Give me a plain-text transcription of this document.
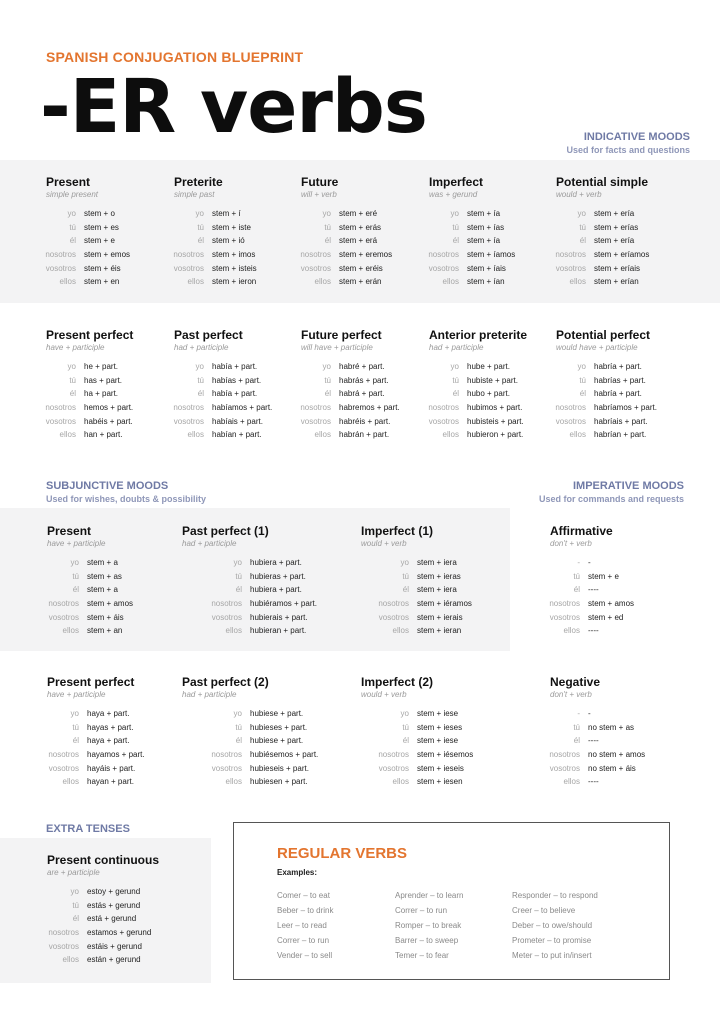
SPANISH CONJUGATION BLUEPRINT
-ER verbs	INDICATIVE MOODS
Used for facts and questions
Present
simple present
yo stem + o
tú stem + es
él stem + e
nosotros stem + emos
vosotros stem + éis
ellos stem + en
Preterite
simple past
yo stem + í
tú stem + iste
él stem + ió
nosotros stem + imos
vosotros stem + isteis
ellos stem + ieron
Future
will + verb
yo stem + eré
tú stem + erás
él stem + erá
nosotros stem + eremos
vosotros stem + eréis
ellos stem + erán
Imperfect
was + gerund
yo stem + ía
tú stem + ías
él stem + ía
nosotros stem + íamos
vosotros stem + íais
ellos stem + ían
Potential simple
would + verb
yo stem + ería
tú stem + erías
él stem + ería
nosotros stem + eríamos
vosotros stem + eríais
ellos stem + erían
Present perfect
have + participle
yo he + part.
tú has + part.
él ha + part.
nosotros hemos + part.
vosotros habéis + part.
ellos han + part.
Past perfect
had + participle
yo había + part.
tú habías + part.
él había + part.
nosotros habíamos + part.
vosotros habíais + part.
ellos habían + part.
Future perfect
will have + participle
yo habré + part.
tú habrás + part.
él habrá + part.
nosotros habremos + part.
vosotros habréis + part.
ellos habrán + part.
Anterior preterite
had + participle
yo hube + part.
tú hubiste + part.
él hubo + part.
nosotros hubimos + part.
vosotros hubisteis + part.
ellos hubieron + part.
Potential perfect
would have + participle
yo habría + part.
tú habrías + part.
él habría + part.
nosotros habríamos + part.
vosotros habríais + part.
ellos habrían + part.
SUBJUNCTIVE MOODS
Used for wishes, doubts & possibility
IMPERATIVE MOODS
Used for commands and requests
Present
have + participle
yo stem + a
tú stem + as
él stem + a
nosotros stem + amos
vosotros stem + áis
ellos stem + an
Past perfect (1)
had + participle
yo hubiera + part.
tú hubieras + part.
él hubiera + part.
nosotros hubiéramos + part.
vosotros hubierais + part.
ellos hubieran + part.
Imperfect (1)
would + verb
yo stem + iera
tú stem + ieras
él stem + iera
nosotros stem + iéramos
vosotros stem + ierais
ellos stem + ieran
Present perfect
have + participle
yo haya + part.
tú hayas + part.
él haya + part.
nosotros hayamos + part.
vosotros hayáis + part.
ellos hayan + part.
Past perfect (2)
had + participle
yo hubiese + part.
tú hubieses + part.
él hubiese + part.
nosotros hubiésemos + part.
vosotros hubieseis + part.
ellos hubiesen + part.
Imperfect (2)
would + verb
yo stem + iese
tú stem + ieses
él stem + iese
nosotros stem + iésemos
vosotros stem + ieseis
ellos stem + iesen
Affirmative
don't + verb
- -
tú stem + e
él ----
nosotros stem + amos
vosotros stem + ed
ellos ----
Negative
don't + verb
- -
tú no stem + as
él ----
nosotros no stem + amos
vosotros no stem + áis
ellos ----
EXTRA TENSES
Present continuous
are + participle
yo estoy + gerund
tú estás + gerund
él está + gerund
nosotros estamos + gerund
vosotros estáis + gerund
ellos están + gerund
REGULAR VERBS
Examples:
Comer – to eat
Beber – to drink
Leer – to read
Correr – to run
Vender – to sell
Aprender – to learn
Correr – to run
Romper – to break
Barrer – to sweep
Temer – to fear
Responder – to respond
Creer – to believe
Deber – to owe/should
Prometer – to promise
Meter – to put in/insert
